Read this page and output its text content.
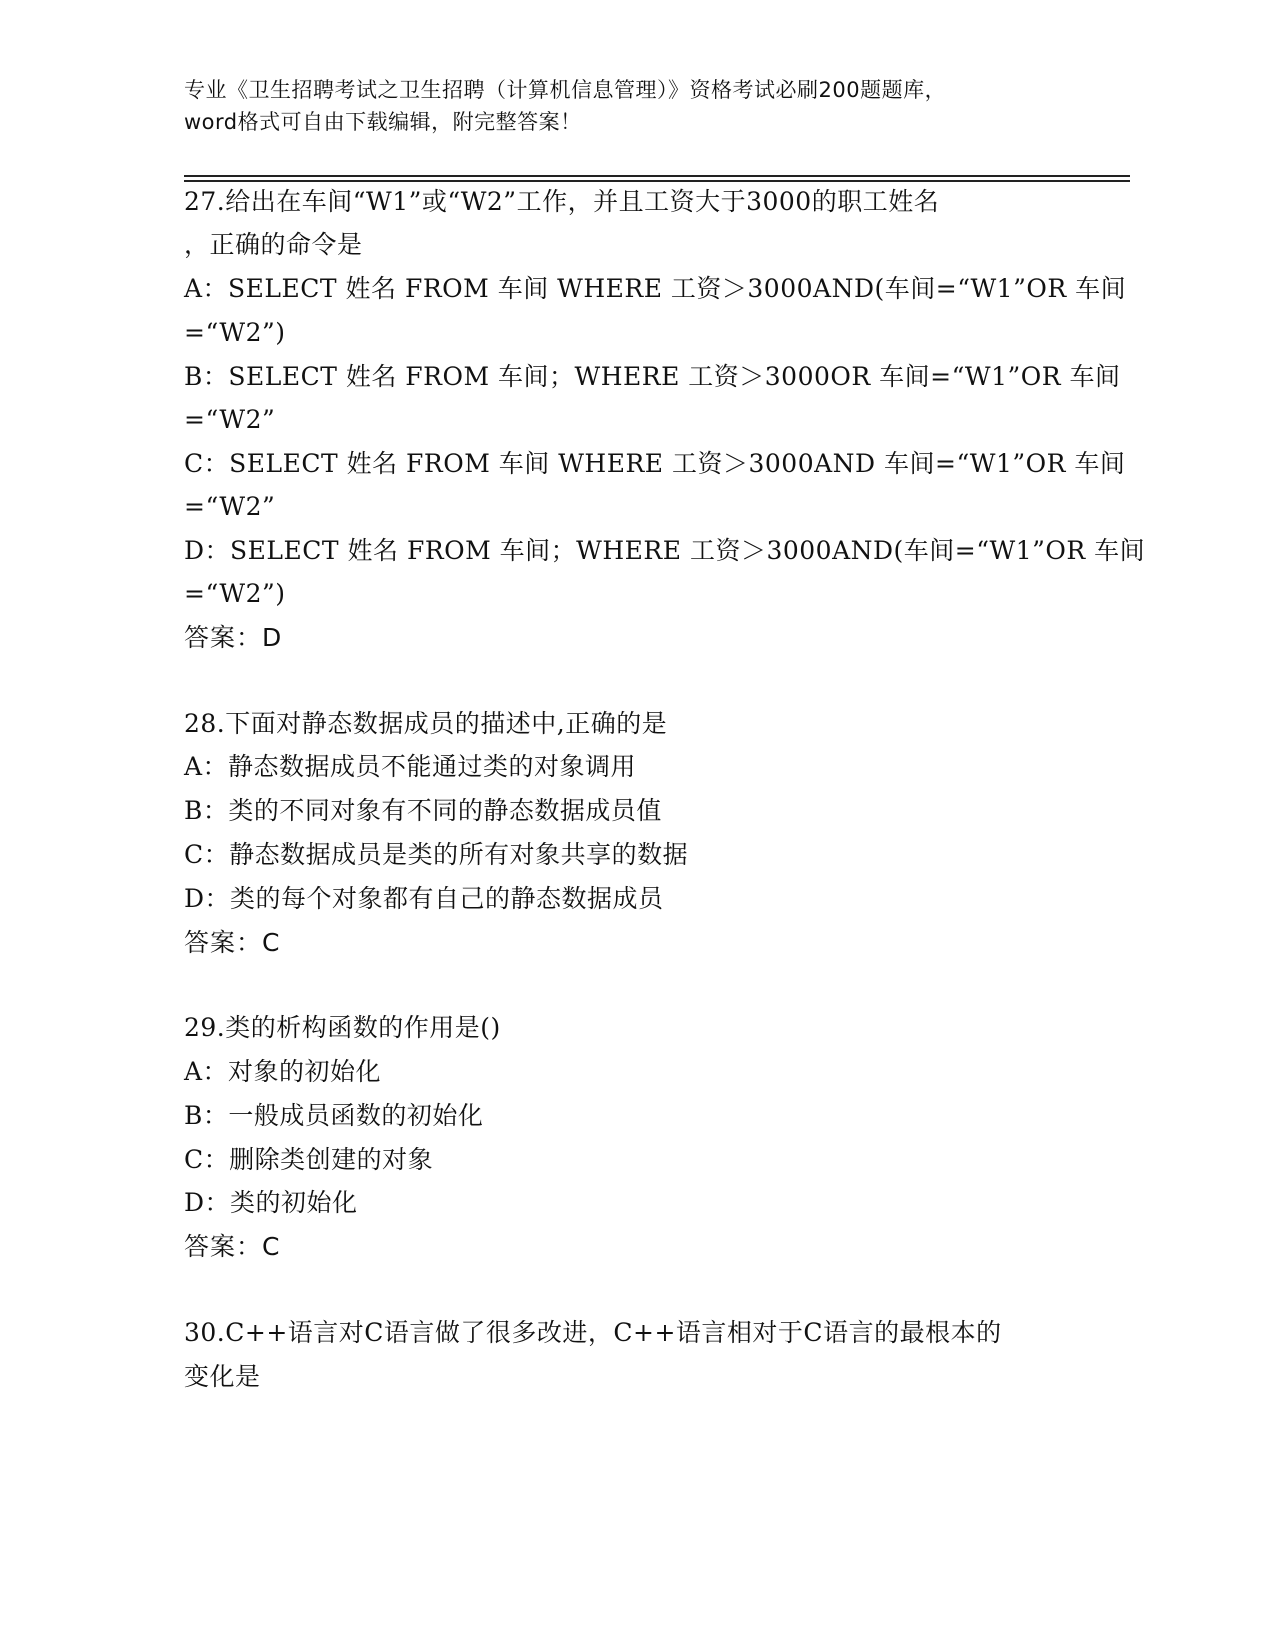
专业《卫生招聘考试之卫生招聘（计算机信息管理）》资格考试必刷200题题库，

word格式可自由下载编辑，附完整答案！

27.给出在车间“W1”或“W2”工作，并且工资大于3000的职工姓名
，正确的命令是
A：SELECT 姓名 FROM 车间 WHERE 工资＞3000AND(车间=“W1”OR 车间
=“W2”)
B：SELECT 姓名 FROM 车间；WHERE 工资＞3000OR 车间=“W1”OR 车间
=“W2”
C：SELECT 姓名 FROM 车间 WHERE 工资＞3000AND 车间=“W1”OR 车间
=“W2”
D：SELECT 姓名 FROM 车间；WHERE 工资＞3000AND(车间=“W1”OR 车间
=“W2”)
答案：D
28.下面对静态数据成员的描述中,正确的是
A：静态数据成员不能通过类的对象调用
B：类的不同对象有不同的静态数据成员值
C：静态数据成员是类的所有对象共享的数据
D：类的每个对象都有自己的静态数据成员
答案：C
29.类的析构函数的作用是()
A：对象的初始化
B：一般成员函数的初始化
C：删除类创建的对象
D：类的初始化
答案：C
30.C++语言对C语言做了很多改进，C++语言相对于C语言的最根本的
变化是
